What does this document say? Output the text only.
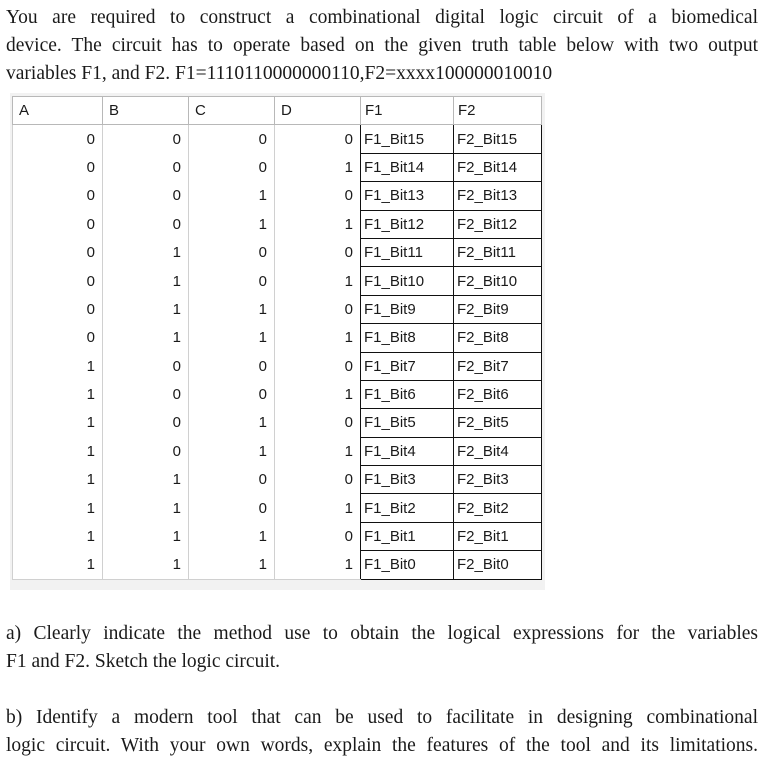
You are required to construct a combinational digital logic circuit of a biomedical
device. The circuit has to operate based on the given truth table below with two output
variables F1, and F2. F1=1110110000000110,F2=xxxx100000010010
A	B	C	D	F1	F2
0	0	0	0	F1_Bit15	F2_Bit15
0	0	0	1	F1_Bit14	F2_Bit14
0	0	1	0	F1_Bit13	F2_Bit13
0	0	1	1	F1_Bit12	F2_Bit12
0	1	0	0	F1_Bit11	F2_Bit11
0	1	0	1	F1_Bit10	F2_Bit10
0	1	1	0	F1_Bit9	F2_Bit9
0	1	1	1	F1_Bit8	F2_Bit8
1	0	0	0	F1_Bit7	F2_Bit7
1	0	0	1	F1_Bit6	F2_Bit6
1	0	1	0	F1_Bit5	F2_Bit5
1	0	1	1	F1_Bit4	F2_Bit4
1	1	0	0	F1_Bit3	F2_Bit3
1	1	0	1	F1_Bit2	F2_Bit2
1	1	1	0	F1_Bit1	F2_Bit1
1	1	1	1	F1_Bit0	F2_Bit0
a) Clearly indicate the method use to obtain the logical expressions for the variables
F1 and F2. Sketch the logic circuit.
b) Identify a modern tool that can be used to facilitate in designing combinational
logic circuit. With your own words, explain the features of the tool and its limitations.
